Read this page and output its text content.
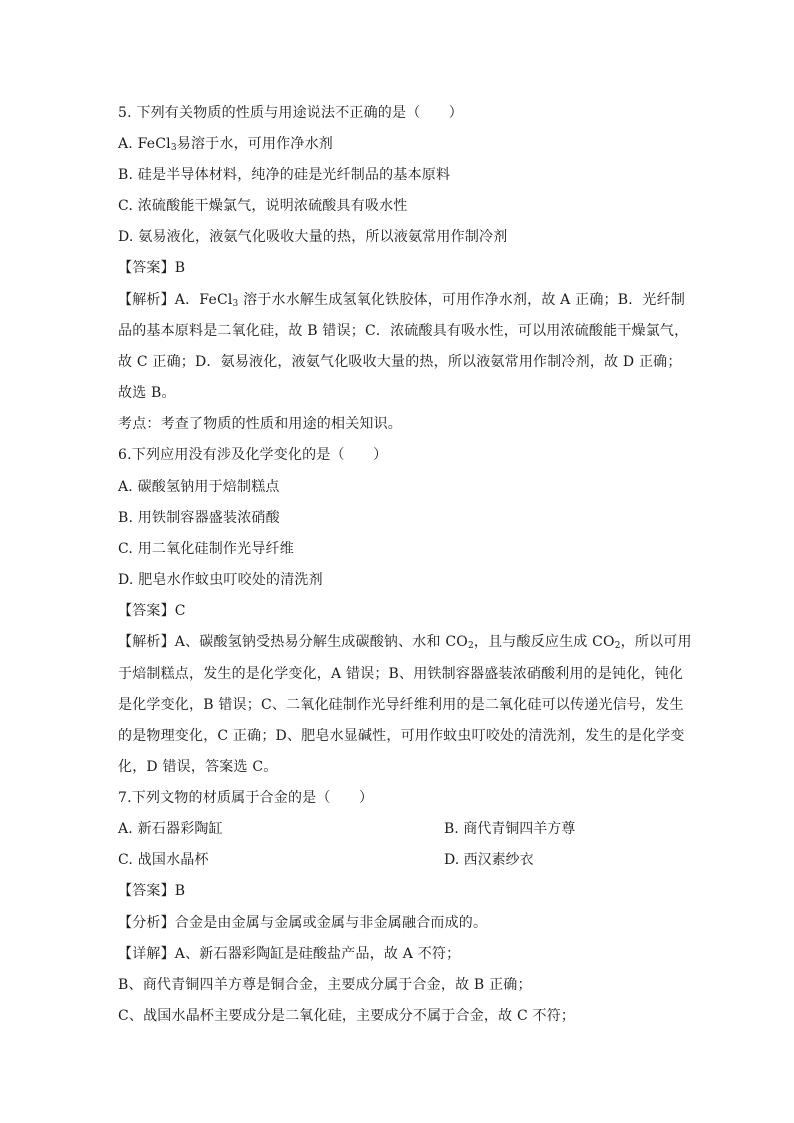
5. 下列有关物质的性质与用途说法不正确的是（　　）
A. FeCl$_3$易溶于水，可用作净水剂
B. 硅是半导体材料，纯净的硅是光纤制品的基本原料
C. 浓硫酸能干燥氯气，说明浓硫酸具有吸水性
D. 氨易液化，液氨气化吸收大量的热，所以液氨常用作制冷剂
【答案】B
【解析】A．FeCl$_3$ 溶于水水解生成氢氧化铁胶体，可用作净水剂，故 A 正确；B．光纤制
品的基本原料是二氧化硅，故 B 错误；C．浓硫酸具有吸水性，可以用浓硫酸能干燥氯气，
故 C 正确；D．氨易液化，液氨气化吸收大量的热，所以液氨常用作制冷剂，故 D 正确；
故选 B。
考点：考查了物质的性质和用途的相关知识。
6.下列应用没有涉及化学变化的是（　　）
A. 碳酸氢钠用于焙制糕点
B. 用铁制容器盛装浓硝酸
C. 用二氧化硅制作光导纤维
D. 肥皂水作蚊虫叮咬处的清洗剂
【答案】C
【解析】A、碳酸氢钠受热易分解生成碳酸钠、水和 $CO_2$，且与酸反应生成 $CO_2$，所以可用
于焙制糕点，发生的是化学变化，A 错误；B、用铁制容器盛装浓硝酸利用的是钝化，钝化
是化学变化，B 错误；C、二氧化硅制作光导纤维利用的是二氧化硅可以传递光信号，发生
的是物理变化，C 正确；D、肥皂水显碱性，可用作蚊虫叮咬处的清洗剂，发生的是化学变
化，D 错误，答案选 C。
7.下列文物的材质属于合金的是（　　）
A. 新石器彩陶缸	B. 商代青铜四羊方尊
C. 战国水晶杯	D. 西汉素纱衣
【答案】B
【分析】合金是由金属与金属或金属与非金属融合而成的。
【详解】A、新石器彩陶缸是硅酸盐产品，故 A 不符；
B、商代青铜四羊方尊是铜合金，主要成分属于合金，故 B 正确；
C、战国水晶杯主要成分是二氧化硅，主要成分不属于合金，故 C 不符；
